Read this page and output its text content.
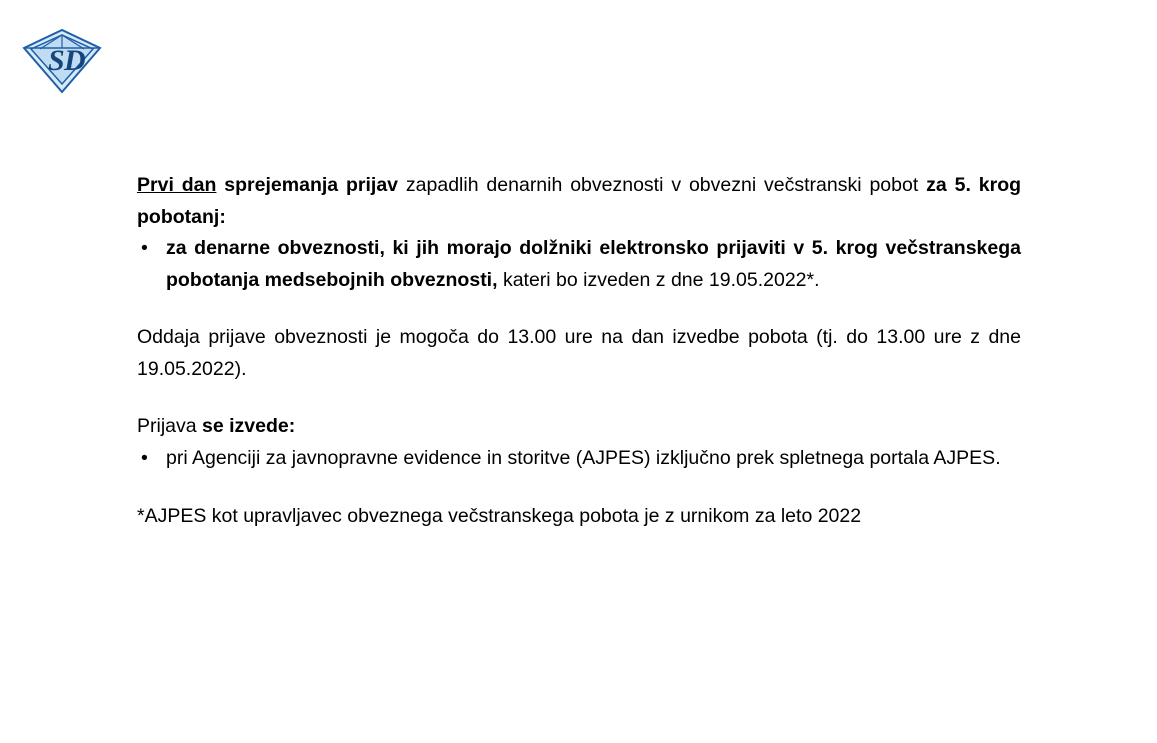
S D

Prvi dan sprejemanja prijav zapadlih denarnih obveznosti v obvezni večstranski pobot za 5. krog pobotanj:

• za denarne obveznosti, ki jih morajo dolžniki elektronsko prijaviti v 5. krog večstranskega pobotanja medsebojnih obveznosti, kateri bo izveden z dne 19.05.2022*.

Oddaja prijave obveznosti je mogoča do 13.00 ure na dan izvedbe pobota (tj. do 13.00 ure z dne 19.05.2022).

Prijava se izvede:

• pri Agenciji za javnopravne evidence in storitve (AJPES) izključno prek spletnega portala AJPES.

*AJPES kot upravljavec obveznega večstranskega pobota je z urnikom za leto 2022
